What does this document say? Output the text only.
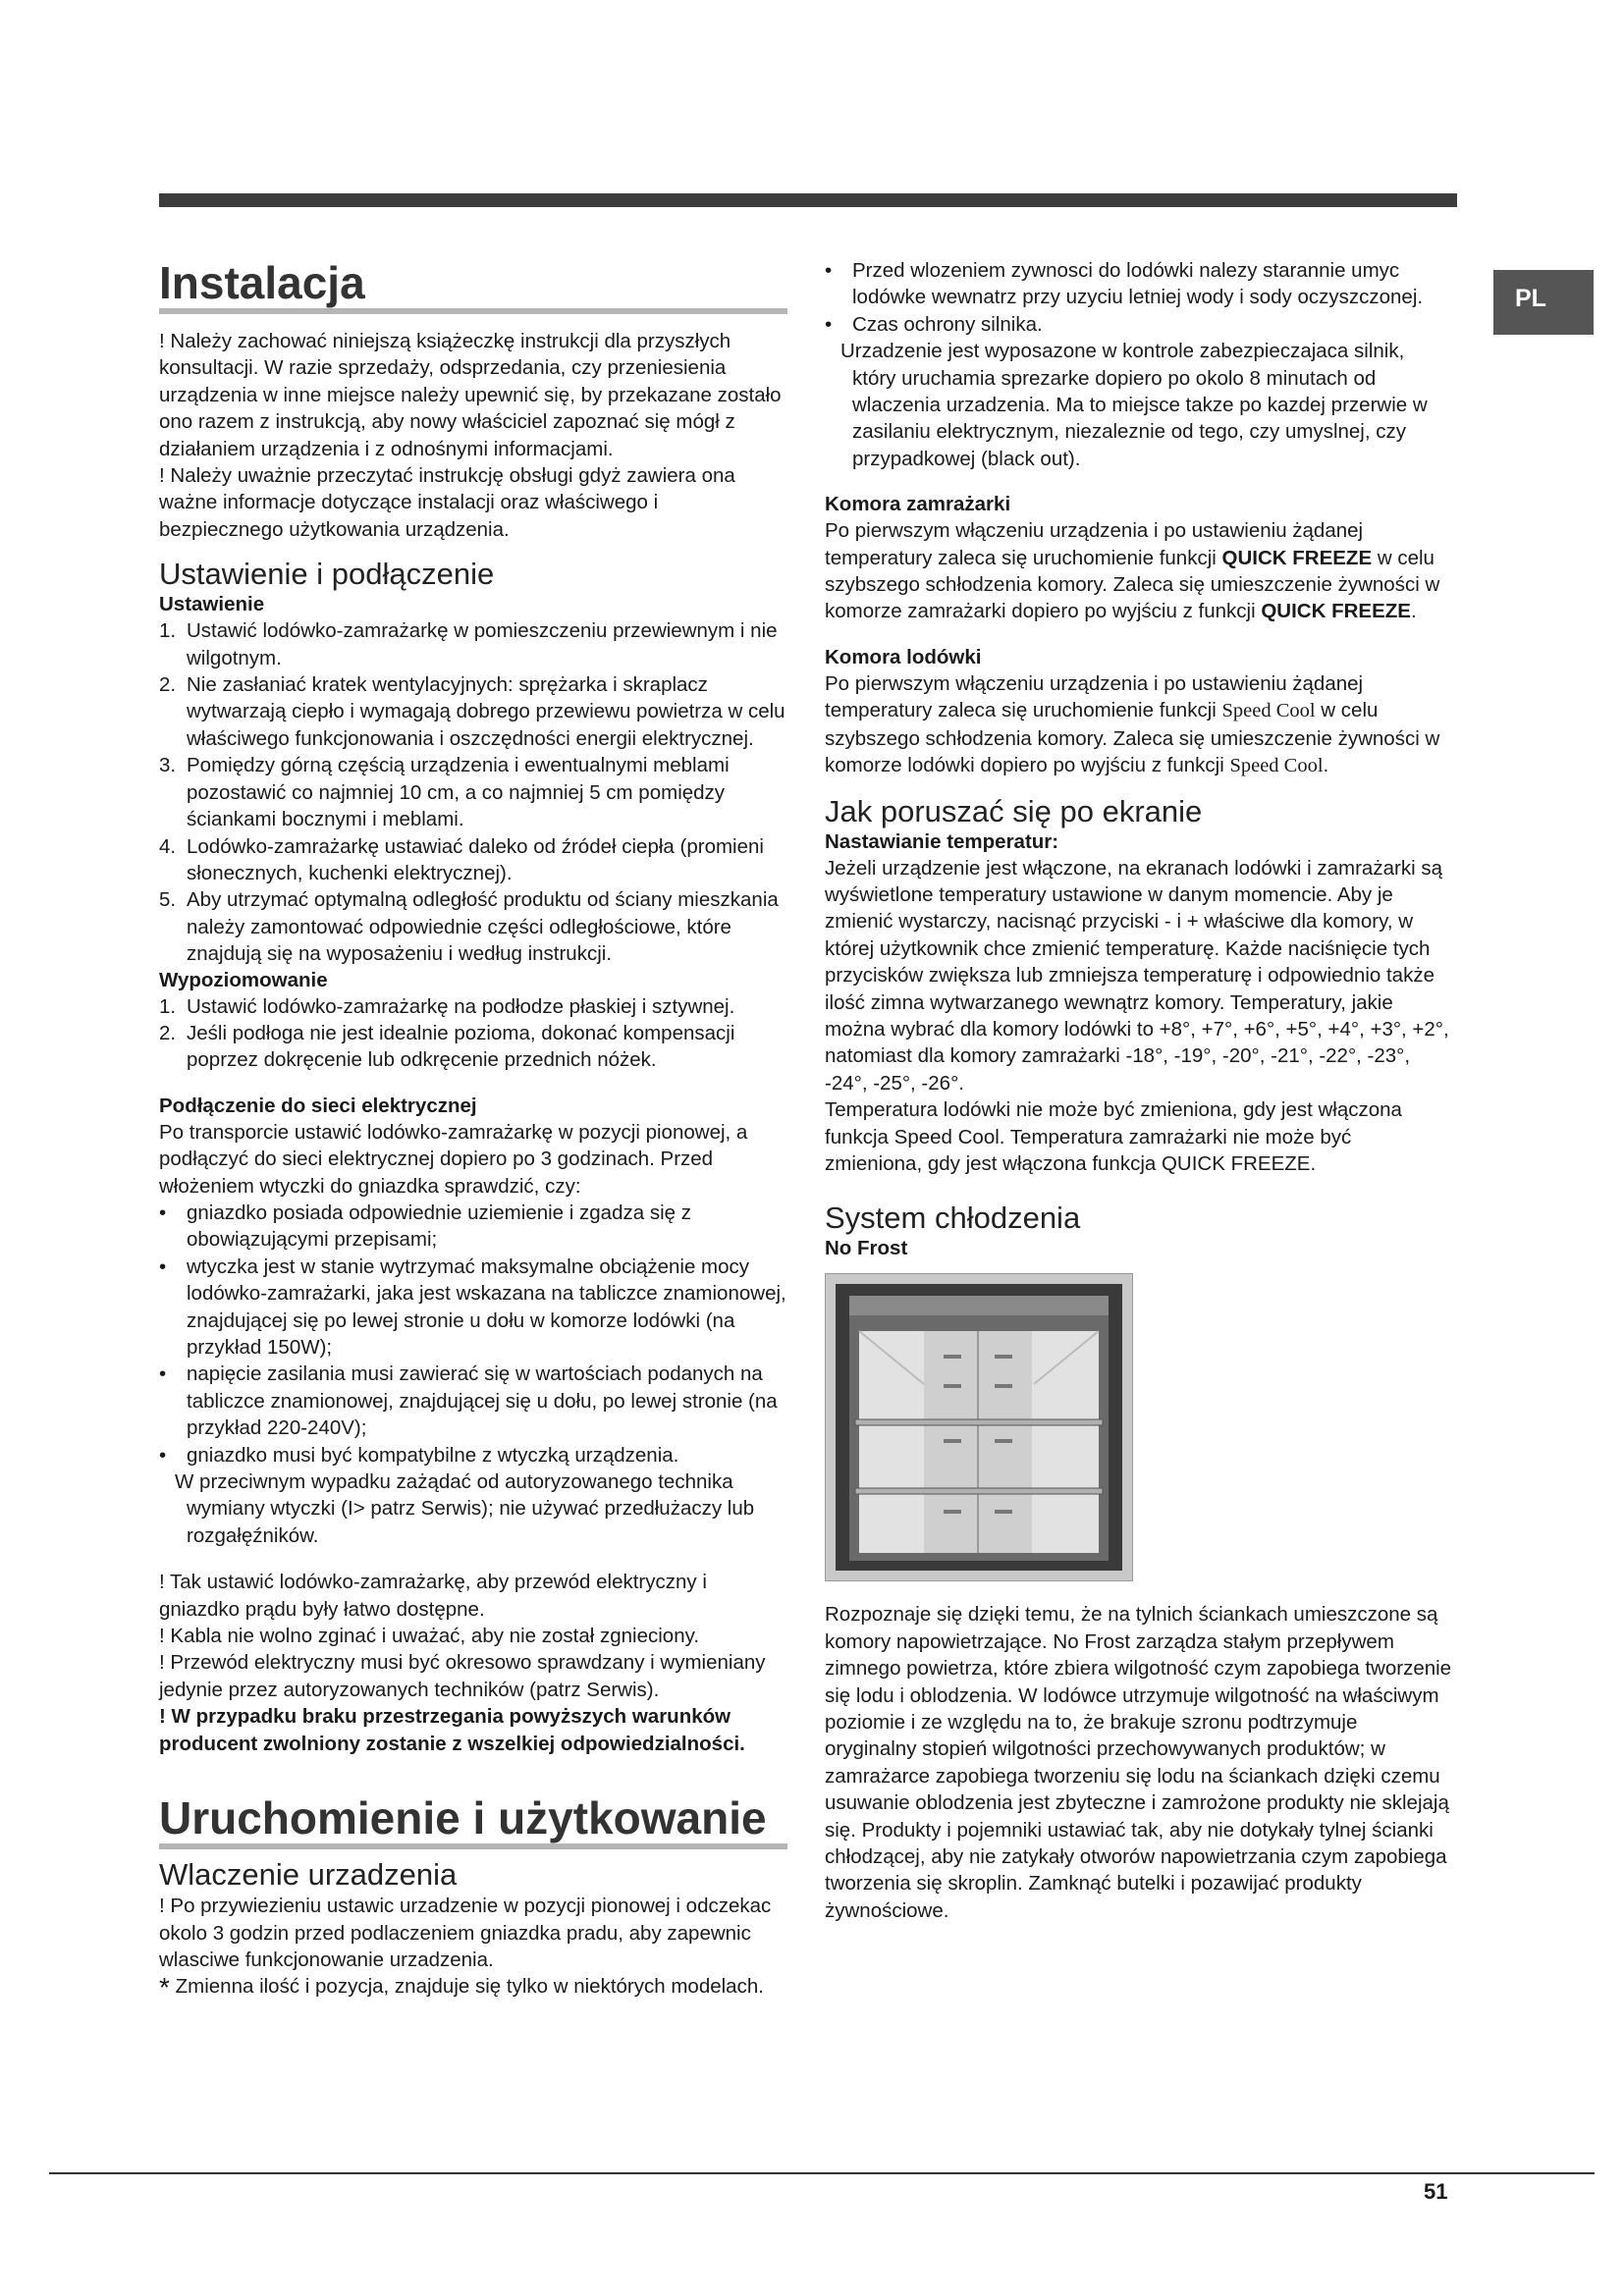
PL
Instalacja

! Należy zachować niniejszą książeczkę instrukcji dla przyszłych konsultacji. W razie sprzedaży, odsprzedania, czy przeniesienia urządzenia w inne miejsce należy upewnić się, by przekazane zostało ono razem z instrukcją, aby nowy właściciel zapoznać się mógł z działaniem urządzenia i z odnośnymi informacjami.

! Należy uważnie przeczytać instrukcję obsługi gdyż zawiera ona ważne informacje dotyczące instalacji oraz właściwego i bezpiecznego użytkowania urządzenia.

Ustawienie i podłączenie
Ustawienie
1. Ustawić lodówko-zamrażarkę w pomieszczeniu przewiewnym i nie wilgotnym.
2. Nie zasłaniać kratek wentylacyjnych: sprężarka i skraplacz wytwarzają ciepło i wymagają dobrego przewiewu powietrza w celu właściwego funkcjonowania i oszczędności energii elektrycznej.
3. Pomiędzy górną częścią urządzenia i ewentualnymi meblami pozostawić co najmniej 10 cm, a co najmniej 5 cm pomiędzy ściankami bocznymi i meblami.
4. Lodówko-zamrażarkę ustawiać daleko od źródeł ciepła (promieni słonecznych, kuchenki elektrycznej).
5. Aby utrzymać optymalną odległość produktu od ściany mieszkania należy zamontować odpowiednie części odległościowe, które znajdują się na wyposażeniu i według instrukcji.
Wypoziomowanie
1. Ustawić lodówko-zamrażarkę na podłodze płaskiej i sztywnej.
2. Jeśli podłoga nie jest idealnie pozioma, dokonać kompensacji poprzez dokręcenie lub odkręcenie przednich nóżek.
Podłączenie do sieci elektrycznej

Po transporcie ustawić lodówko-zamrażarkę w pozycji pionowej, a podłączyć do sieci elektrycznej dopiero po 3 godzinach. Przed włożeniem wtyczki do gniazdka sprawdzić, czy:

• gniazdko posiada odpowiednie uziemienie i zgadza się z obowiązującymi przepisami;
• wtyczka jest w stanie wytrzymać maksymalne obciążenie mocy lodówko-zamrażarki, jaka jest wskazana na tabliczce znamionowej, znajdującej się po lewej stronie u dołu w komorze lodówki (na przykład 150W);
• napięcie zasilania musi zawierać się w wartościach podanych na tabliczce znamionowej, znajdującej się u dołu, po lewej stronie (na przykład 220-240V);
• gniazdko musi być kompatybilne z wtyczką urządzenia.

W przeciwnym wypadku zażądać od autoryzowanego technika wymiany wtyczki (I> patrz Serwis); nie używać przedłużaczy lub rozgałęźników.

! Tak ustawić lodówko-zamrażarkę, aby przewód elektryczny i gniazdko prądu były łatwo dostępne.

! Kabla nie wolno zginać i uważać, aby nie został zgnieciony.

! Przewód elektryczny musi być okresowo sprawdzany i wymieniany jedynie przez autoryzowanych techników (patrz Serwis).

! W przypadku braku przestrzegania powyższych warunków producent zwolniony zostanie z wszelkiej odpowiedzialności.

Uruchomienie i użytkowanie
Wlaczenie urzadzenia

! Po przywiezieniu ustawic urzadzenie w pozycji pionowej i odczekac okolo 3 godzin przed podlaczeniem gniazdka pradu, aby zapewnic wlasciwe funkcjonowanie urzadzenia.

* Zmienna ilość i pozycja, znajduje się tylko w niektórych modelach.

• Przed wlozeniem zywnosci do lodówki nalezy starannie umyc lodówke wewnatrz przy uzyciu letniej wody i sody oczyszczonej.
• Czas ochrony silnika.

Urzadzenie jest wyposazone w kontrole zabezpieczajaca silnik, który uruchamia sprezarke dopiero po okolo 8 minutach od wlaczenia urzadzenia. Ma to miejsce takze po kazdej przerwie w zasilaniu elektrycznym, niezaleznie od tego, czy umyslnej, czy przypadkowej (black out).

Komora zamrażarki

Po pierwszym włączeniu urządzenia i po ustawieniu żądanej temperatury zaleca się uruchomienie funkcji QUICK FREEZE w celu szybszego schłodzenia komory. Zaleca się umieszczenie żywności w komorze zamrażarki dopiero po wyjściu z funkcji QUICK FREEZE.

Komora lodówki

Po pierwszym włączeniu urządzenia i po ustawieniu żądanej temperatury zaleca się uruchomienie funkcji Speed Cool w celu szybszego schłodzenia komory. Zaleca się umieszczenie żywności w komorze lodówki dopiero po wyjściu z funkcji Speed Cool.

Jak poruszać się po ekranie
Nastawianie temperatur:

Jeżeli urządzenie jest włączone, na ekranach lodówki i zamrażarki są wyświetlone temperatury ustawione w danym momencie. Aby je zmienić wystarczy, nacisnąć przyciski - i + właściwe dla komory, w której użytkownik chce zmienić temperaturę. Każde naciśnięcie tych przycisków zwiększa lub zmniejsza temperaturę i odpowiednio także ilość zimna wytwarzanego wewnątrz komory. Temperatury, jakie można wybrać dla komory lodówki to +8°, +7°, +6°, +5°, +4°, +3°, +2°, natomiast dla komory zamrażarki -18°, -19°, -20°, -21°, -22°, -23°, -24°, -25°, -26°.

Temperatura lodówki nie może być zmieniona, gdy jest włączona funkcja Speed Cool. Temperatura zamrażarki nie może być zmieniona, gdy jest włączona funkcja QUICK FREEZE.

System chłodzenia
No Frost

Rozpoznaje się dzięki temu, że na tylnich ściankach umieszczone są komory napowietrzające. No Frost zarządza stałym przepływem zimnego powietrza, które zbiera wilgotność czym zapobiega tworzenie się lodu i oblodzenia. W lodówce utrzymuje wilgotność na właściwym poziomie i ze względu na to, że brakuje szronu podtrzymuje oryginalny stopień wilgotności przechowywanych produktów; w zamrażarce zapobiega tworzeniu się lodu na ściankach dzięki czemu usuwanie oblodzenia jest zbyteczne i zamrożone produkty nie sklejają się. Produkty i pojemniki ustawiać tak, aby nie dotykały tylnej ścianki chłodzącej, aby nie zatykały otworów napowietrzania czym zapobiega tworzenia się skroplin. Zamknąć butelki i pozawijać produkty żywnościowe.

51
